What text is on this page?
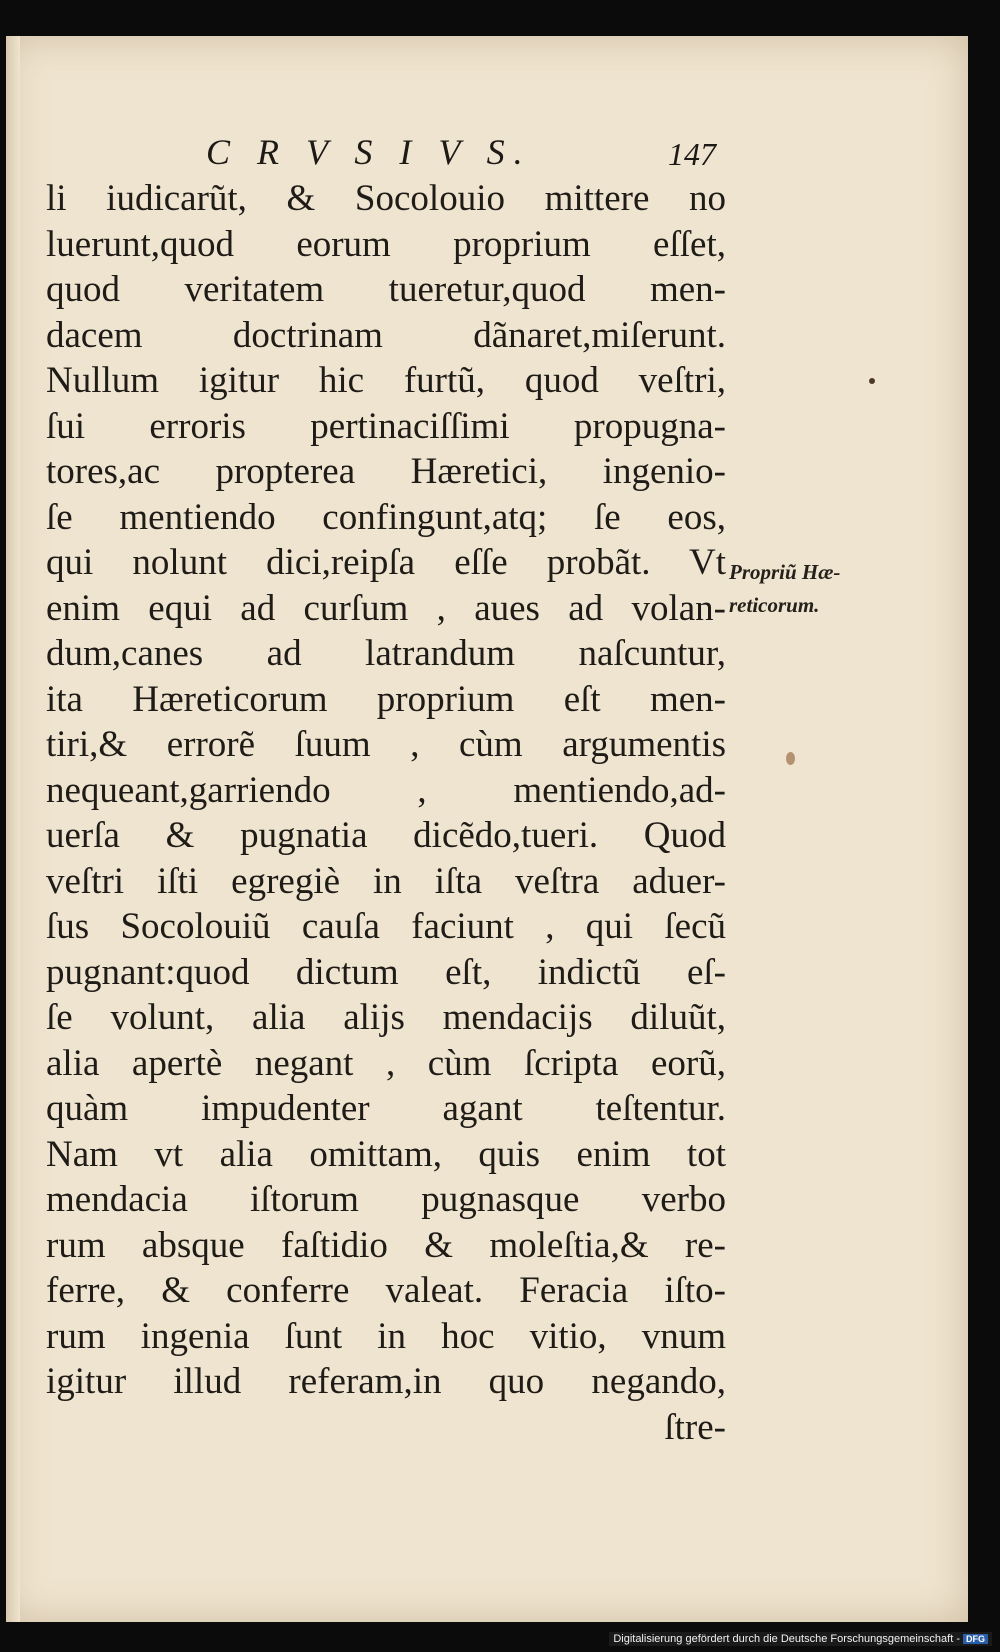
C R V S I V S.	147
li iudicarũt, & Socolouio mittere no
luerunt,quod eorum proprium eſſet,
quod veritatem tueretur,quod men-
dacem doctrinam dãnaret,miſerunt.
Nullum igitur hic furtũ, quod veſtri,
ſui erroris pertinaciſſimi propugna-
tores,ac propterea Hæretici, ingenio-
ſe mentiendo confingunt,atq; ſe eos,
qui nolunt dici,reipſa eſſe probãt. Vt
enim equi ad curſum , aues ad volan-
dum,canes ad latrandum naſcuntur,
ita Hæreticorum proprium eſt men-
tiri,& errorẽ ſuum , cùm argumentis
nequeant,garriendo , mentiendo,ad-
uerſa & pugnatia dicẽdo,tueri. Quod
veſtri iſti egregiè in iſta veſtra aduer-
ſus Socolouiũ cauſa faciunt , qui ſecũ
pugnant:quod dictum eſt, indictũ eſ-
ſe volunt, alia alijs mendacijs diluũt,
alia apertè negant , cùm ſcripta eorũ,
quàm impudenter agant teſtentur.
Nam vt alia omittam, quis enim tot
mendacia iſtorum pugnasque verbo
rum absque faſtidio & moleſtia,& re-
ferre, & conferre valeat. Feracia iſto-
rum ingenia ſunt in hoc vitio, vnum
igitur illud referam,in quo negando,
ſtre-
Propriũ Hæ-
reticorum.
Digitalisierung gefördert durch die Deutsche Forschungsgemeinschaft - DFG
